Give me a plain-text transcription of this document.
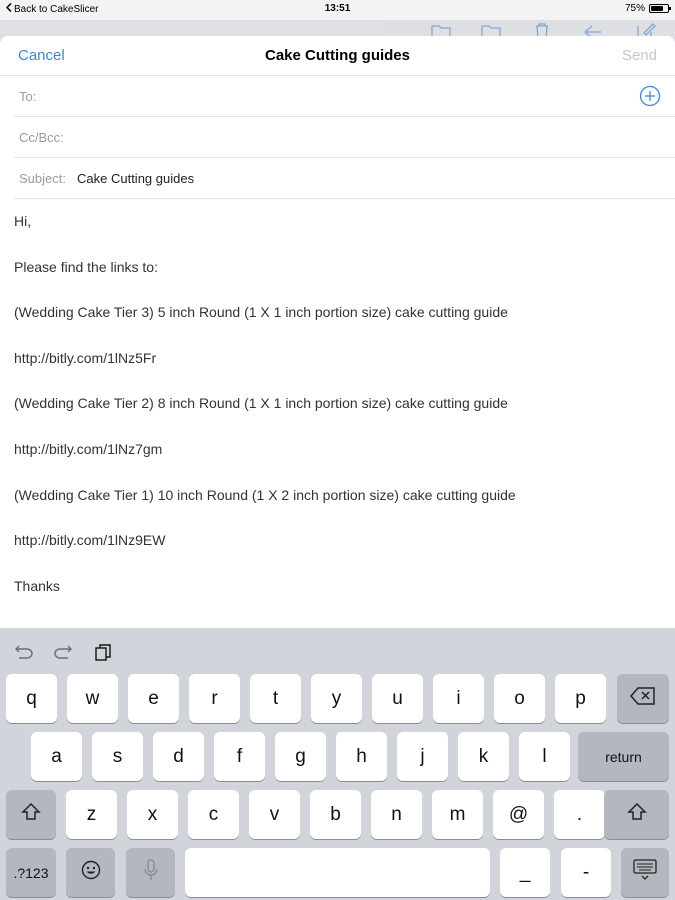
Back to CakeSlicer	13:51	75%
Cancel	Cake Cutting guides	Send
To:
Cc/Bcc:
Subject: Cake Cutting guides

Hi,

Please find the links to:

(Wedding Cake Tier 3) 5 inch Round (1 X 1 inch portion size) cake cutting guide

http://bitly.com/1lNz5Fr

(Wedding Cake Tier 2) 8 inch Round (1 X 1 inch portion size) cake cutting guide

http://bitly.com/1lNz7gm

(Wedding Cake Tier 1) 10 inch Round (1 X 2 inch portion size) cake cutting guide

http://bitly.com/1lNz9EW

Thanks

q	w	e	r	t	y	u	i	o	p
a	s	d	f	g	h	j	k	l	return
z	x	c	v	b	n	m @	.
.?123	_	-
